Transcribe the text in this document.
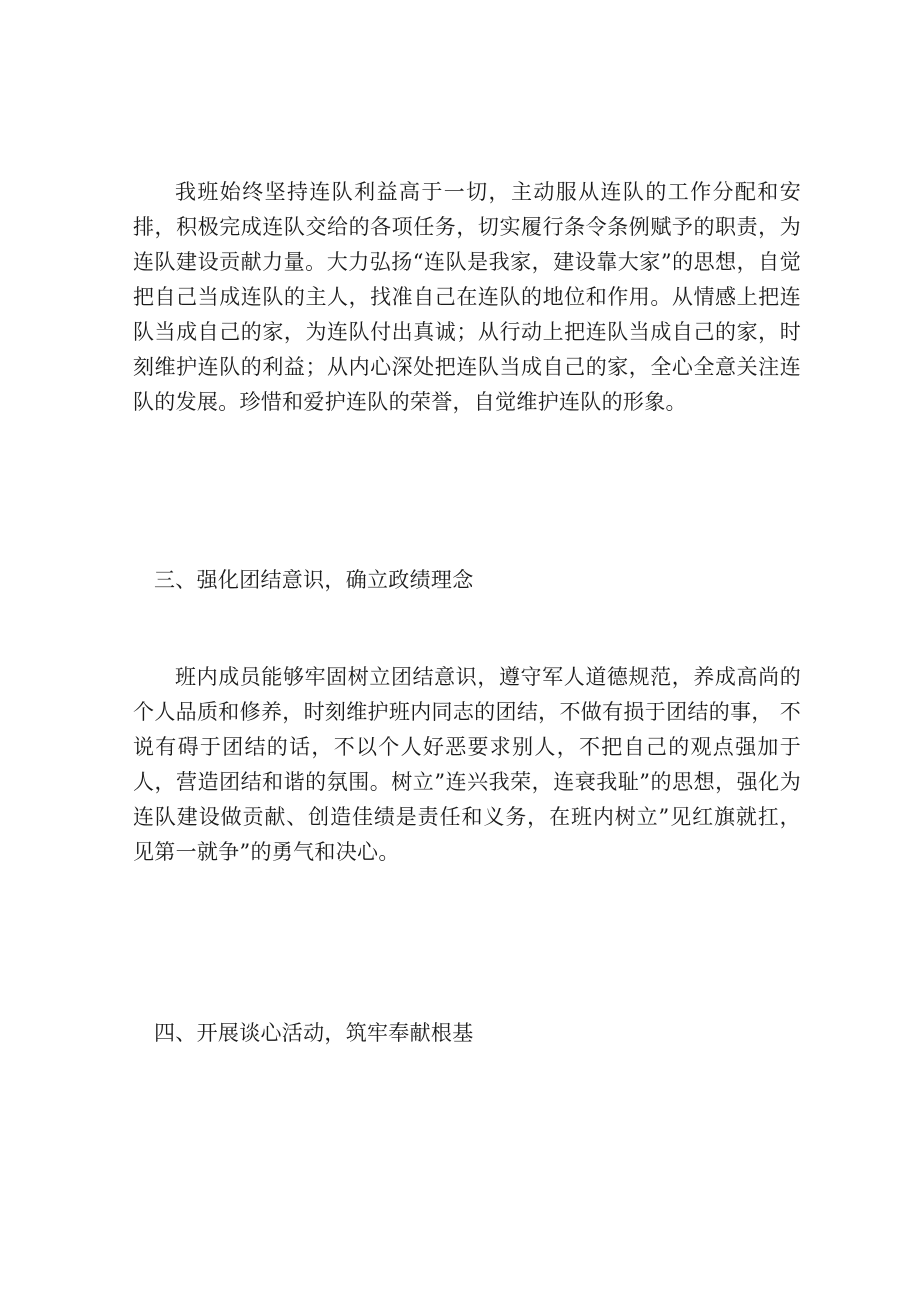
我班始终坚持连队利益高于一切，主动服从连队的工作分配和安排，积极完成连队交给的各项任务，切实履行条令条例赋予的职责，为连队建设贡献力量。大力弘扬“连队是我家，建设靠大家”的思想，自觉把自己当成连队的主人，找准自己在连队的地位和作用。从情感上把连队当成自己的家，为连队付出真诚；从行动上把连队当成自己的家，时刻维护连队的利益；从内心深处把连队当成自己的家，全心全意关注连队的发展。珍惜和爱护连队的荣誉，自觉维护连队的形象。

三、强化团结意识，确立政绩理念

班内成员能够牢固树立团结意识，遵守军人道德规范，养成高尚的个人品质和修养，时刻维护班内同志的团结，不做有损于团结的事， 不说有碍于团结的话，不以个人好恶要求别人，不把自己的观点强加于人，营造团结和谐的氛围。树立”连兴我荣，连衰我耻”的思想，强化为连队建设做贡献、创造佳绩是责任和义务，在班内树立”见红旗就扛，见第一就争”的勇气和决心。

四、开展谈心活动，筑牢奉献根基
